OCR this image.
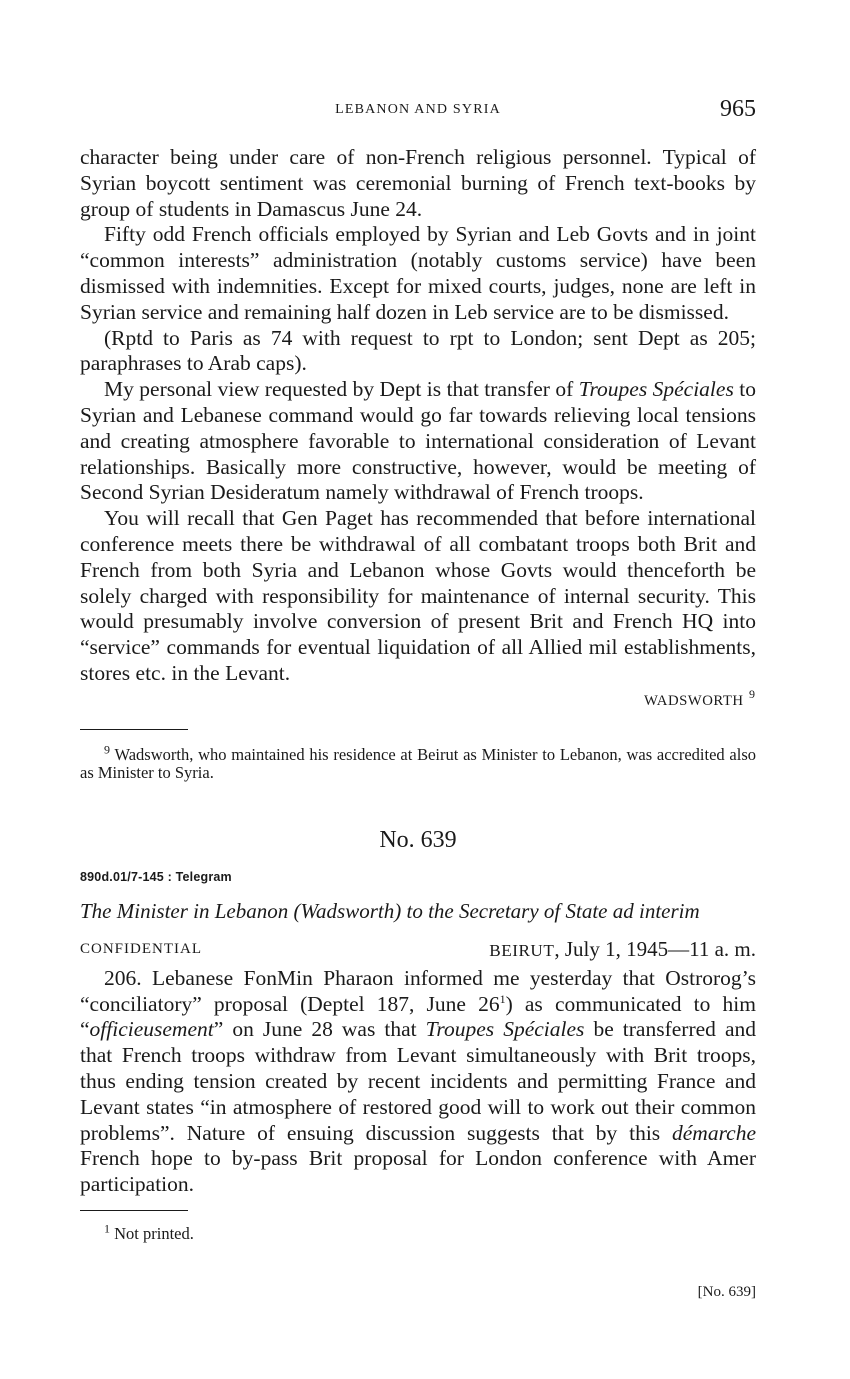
LEBANON AND SYRIA	965

character being under care of non-French religious personnel. Typical of Syrian boycott sentiment was ceremonial burning of French text-books by group of students in Damascus June 24.

Fifty odd French officials employed by Syrian and Leb Govts and in joint “common interests” administration (notably customs service) have been dismissed with indemnities. Except for mixed courts, judges, none are left in Syrian service and remaining half dozen in Leb service are to be dismissed.

(Rptd to Paris as 74 with request to rpt to London; sent Dept as 205; paraphrases to Arab caps).

My personal view requested by Dept is that transfer of Troupes Spéciales to Syrian and Lebanese command would go far towards relieving local tensions and creating atmosphere favorable to international consideration of Levant relationships. Basically more constructive, however, would be meeting of Second Syrian Desideratum namely withdrawal of French troops.

You will recall that Gen Paget has recommended that before international conference meets there be withdrawal of all combatant troops both Brit and French from both Syria and Lebanon whose Govts would thenceforth be solely charged with responsibility for maintenance of internal security. This would presumably involve conversion of present Brit and French HQ into “service” commands for eventual liquidation of all Allied mil establishments, stores etc. in the Levant.

WADSWORTH $^9$

$^9$ Wadsworth, who maintained his residence at Beirut as Minister to Lebanon, was accredited also as Minister to Syria.

No. 639
890d.01/7-145 : Telegram
The Minister in Lebanon (Wadsworth) to the Secretary of State ad interim
CONFIDENTIAL	BEIRUT, July 1, 1945—11 a. m.

206. Lebanese FonMin Pharaon informed me yesterday that Ostrorog’s “conciliatory” proposal (Deptel 187, June $26^1$) as communicated to him “officieusement” on June 28 was that Troupes Spéciales be transferred and that French troops withdraw from Levant simultaneously with Brit troops, thus ending tension created by recent incidents and permitting France and Levant states “in atmosphere of restored good will to work out their common problems”. Nature of ensuing discussion suggests that by this démarche French hope to by-pass Brit proposal for London conference with Amer participation.

$^1$ Not printed.

[No. 639]
